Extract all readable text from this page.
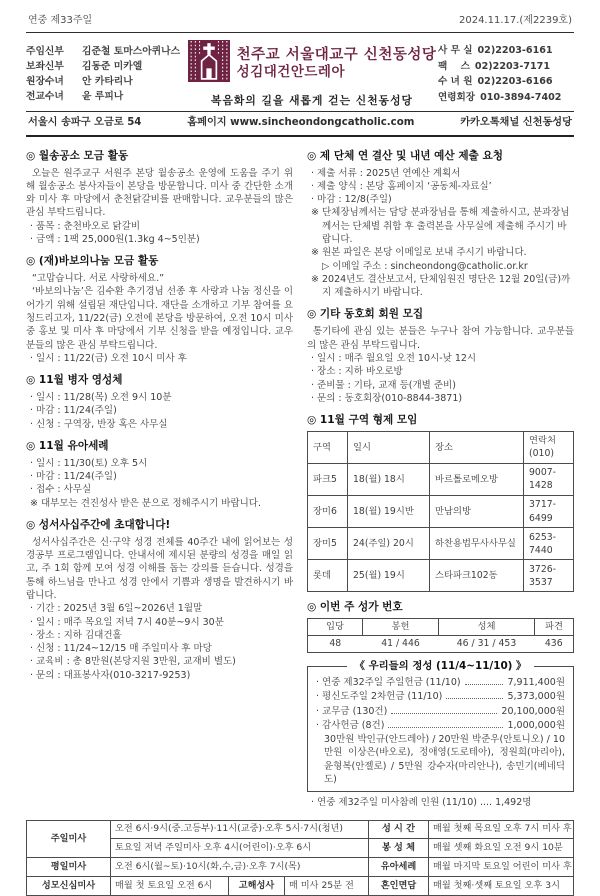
연중 제33주일	2024.11.17.(제2239호)
주임신부	김준철 토마스아퀴나스
보좌신부	김동준 미카엘
원장수녀	안 카타리나
전교수녀	윤 루피나
천주교 서울대교구 신천동성당
성김대건안드레아
복음화의 길을 새롭게 걷는 신천동성당
사 무 실 02)2203-6161
팩    스 02)2203-7171
수 녀 원 02)2203-6166
연령회장 010-3894-7402
서울시 송파구 오금로 54	홈페이지 www.sincheondongcatholic.com	카카오톡채널 신천동성당
◎ 월송공소 모금 활동
오늘은 원주교구 서원주 본당 월송공소 운영에 도움을 주기 위해 월송공소 봉사자들이 본당을 방문합니다. 미사 중 간단한 소개와 미사 후 마당에서 춘천닭갈비를 판매합니다. 교우분들의 많은 관심 부탁드립니다.
· 품목 : 춘천바오로 닭갈비
· 금액 : 1팩 25,000원(1.3kg 4~5인분)
◎ (재)바보의나눔 모금 활동
“고맙습니다. 서로 사랑하세요.”
‘바보의나눔’은 김수환 추기경님 선종 후 사랑과 나눔 정신을 이어가기 위해 설립된 재단입니다. 재단을 소개하고 기부 참여를 요청드리고자, 11/22(금) 오전에 본당을 방문하여, 오전 10시 미사 중 홍보 및 미사 후 마당에서 기부 신청을 받을 예정입니다. 교우분들의 많은 관심 부탁드립니다.
· 일시 : 11/22(금) 오전 10시 미사 후
◎ 11월 병자 영성체
· 일시 : 11/28(목) 오전 9시 10분
· 마감 : 11/24(주일)
· 신청 : 구역장, 반장 혹은 사무실
◎ 11월 유아세례
· 일시 : 11/30(토) 오후 5시
· 마감 : 11/24(주일)
· 접수 : 사무실
※ 대부모는 견진성사 받은 분으로 정해주시기 바랍니다.
◎ 성서사십주간에 초대합니다!
성서사십주간은 신·구약 성경 전체를 40주간 내에 읽어보는 성경공부 프로그램입니다. 안내서에 제시된 분량의 성경을 매일 읽고, 주 1회 함께 모여 성경 이해를 돕는 강의를 듣습니다. 성경을 통해 하느님을 만나고 성경 안에서 기쁨과 생명을 발견하시기 바랍니다.
· 기간 : 2025년 3월 6일~2026년 1월말
· 일시 : 매주 목요일 저녁 7시 40분~9시 30분
· 장소 : 지하 김대건홀
· 신청 : 11/24~12/15 매 주일미사 후 마당
· 교육비 : 총 8만원(본당지원 3만원, 교재비 별도)
· 문의 : 대표봉사자(010-3217-9253)
◎ 제 단체 연 결산 및 내년 예산 제출 요청
· 제출 서류 : 2025년 연예산 계획서
· 제출 양식 : 본당 홈페이지 ‘공동체-자료실’
· 마감 : 12/8(주일)
※ 단체장님께서는 담당 분과장님을 통해 제출하시고, 분과장님께서는 단체별 취합 후 출력본을 사무실에 제출해 주시기 바랍니다.
※ 원본 파일은 본당 이메일로 보내 주시기 바랍니다.
▷ 이메일 주소 : sincheondong@catholic.or.kr
※ 2024년도 결산보고서, 단체임원진 명단은 12월 20일(금)까지 제출하시기 바랍니다.
◎ 기타 동호회 회원 모집
통기타에 관심 있는 분들은 누구나 참여 가능합니다. 교우분들의 많은 관심 부탁드립니다.
· 일시 : 매주 월요일 오전 10시-낮 12시
· 장소 : 지하 바오로방
· 준비물 : 기타, 교재 등(개별 준비)
· 문의 : 동호회장(010-8844-3871)
◎ 11월 구역 형제 모임
구역	일시	장소	연락처(010)
파크5	18(월) 18시	바르톨로메오방	9007-1428
장미6	18(월) 19시반	만남의방	3717-6499
장미5	24(주일) 20시	하찬용법무사사무실	6253-7440
롯데	25(월) 19시	스타파크102동	3726-3537
◎ 이번 주 성가 번호
입당	봉헌	성체	파견
48	41 / 446	46 / 31 / 453	436
《 우리들의 정성 (11/4~11/10) 》
· 연중 제32주일 주일헌금 (11/10)	7,911,400원
· 평신도주일 2차헌금 (11/10)	5,373,000원
· 교무금 (130건)	20,100,000원
· 감사헌금 (8건)	1,000,000원
30만원 박인규(안드레아) / 20만원 박준우(안토니오) / 10만원 이상은(바오로), 정애영(도로테아), 정원희(마리아), 윤형복(안젤로) / 5만원 강수자(마리안나), 송민기(베네딕도)
· 연중 제32주일 미사참례 인원 (11/10) .... 1,492명
주일미사	오전 6시·9시(중.고등부)·11시(교중)·오후 5시·7시(청년)			성 시 간	매월 첫째 목요일 오후 7시 미사 후
	토요일 저녁 주일미사 오후 4시(어린이)·오후 6시			봉 성 체	매월 셋째 화요일 오전 9시 10분
평일미사	오전 6시(월~토)·10시(화,수,금)·오후 7시(목)			유아세례	매월 마지막 토요일 어린이 미사 후
성모신심미사	매월 첫 토요일 오전 6시	고해성사	매 미사 25분 전	혼인면담	매월 첫째·셋째 토요일 오후 3시
